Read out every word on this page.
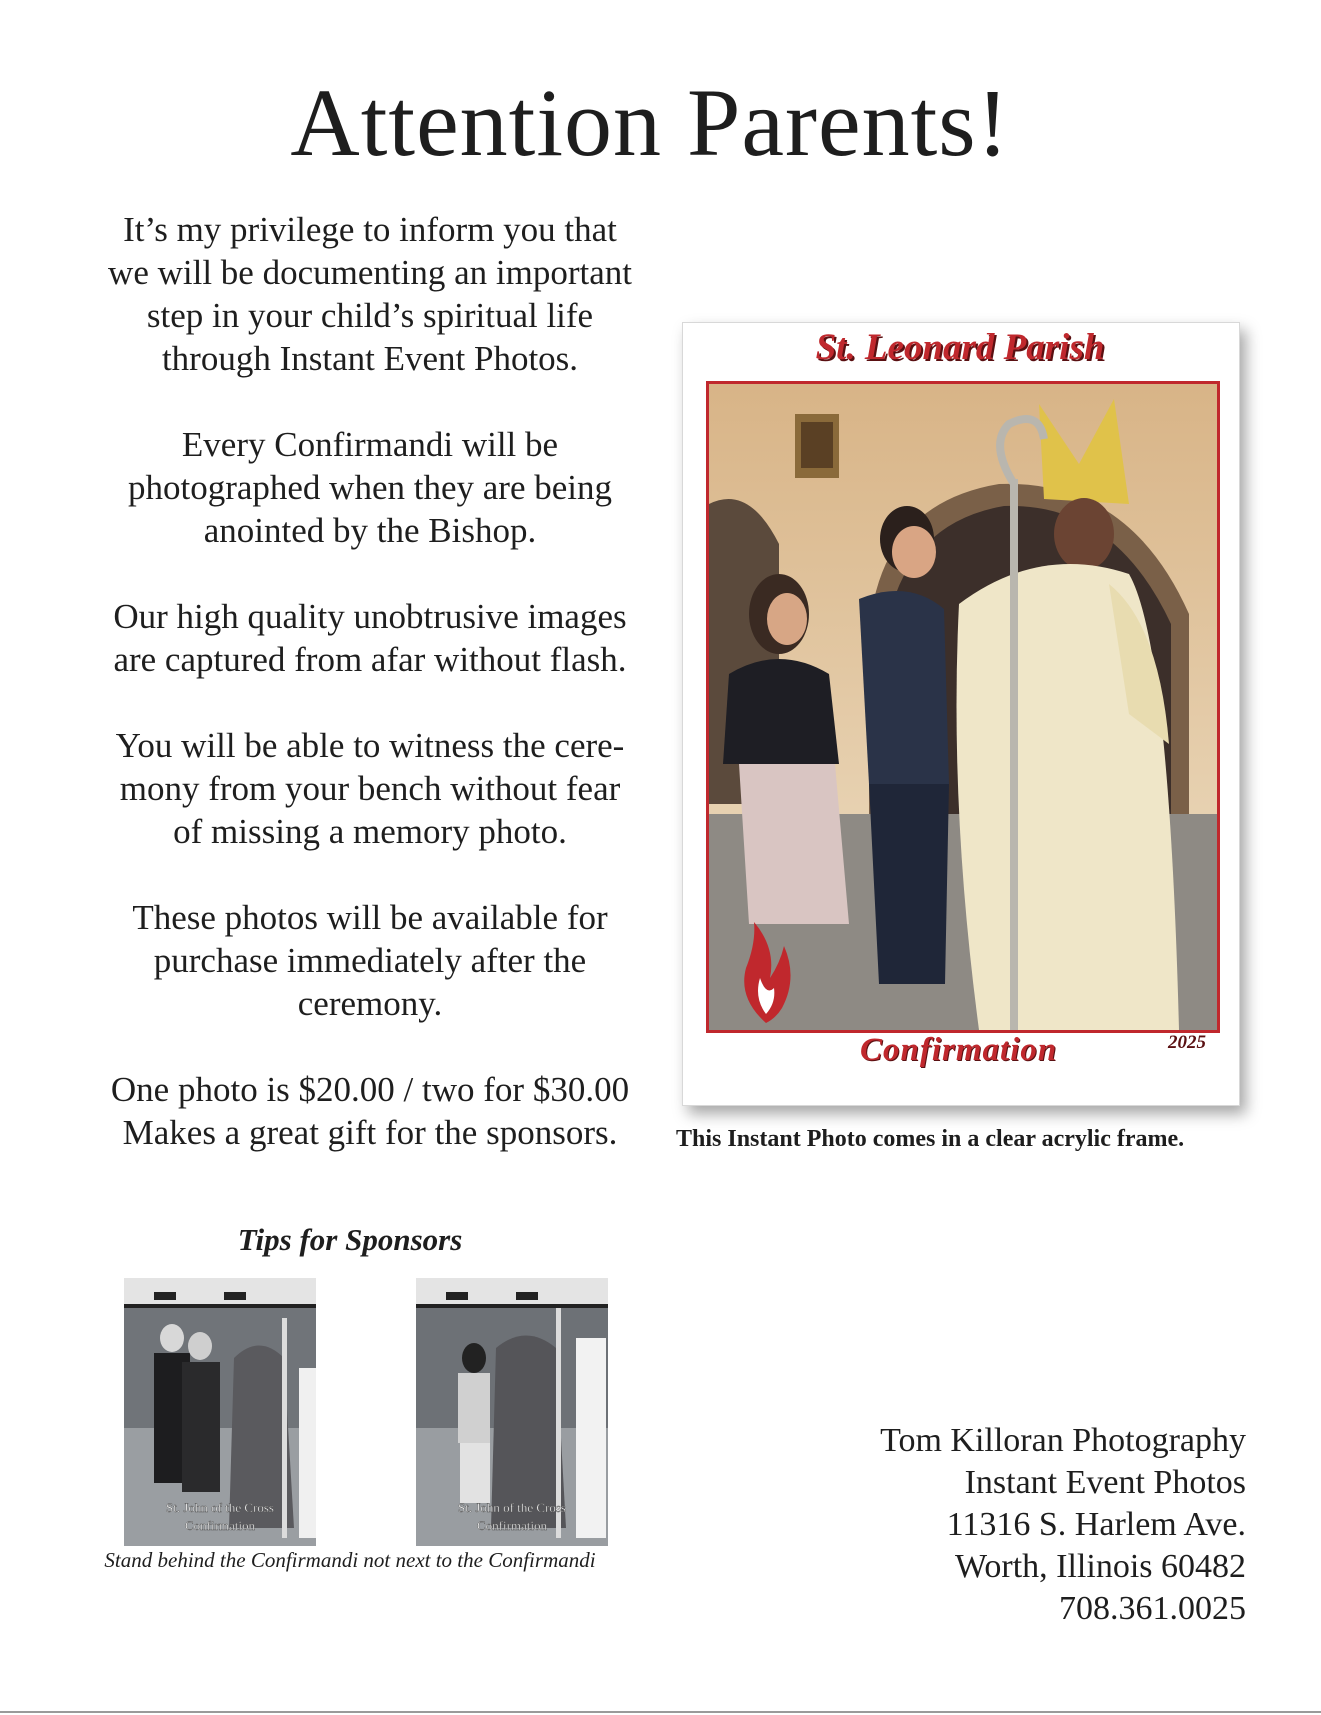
Attention Parents!

It’s my privilege to inform you that
we will be documenting an important
step in your child’s spiritual life
through Instant Event Photos.

Every Confirmandi will be
photographed when they are being
anointed by the Bishop.

Our high quality unobtrusive images
are captured from afar without flash.

You will be able to witness the cere-
mony from your bench without fear
of missing a memory photo.

These photos will be available for
purchase immediately after the
ceremony.

One photo is $20.00 / two for $30.00
Makes a great gift for the sponsors.

St. Leonard Parish
Confirmation	2025
This Instant Photo comes in a clear acrylic frame.
Tips for Sponsors
St. John of the Cross
Confirmation
St. John of the Cross
Confirmation
Stand behind the Confirmandi not next to the Confirmandi
Tom Killoran Photography
Instant Event Photos
11316 S. Harlem Ave.
Worth, Illinois 60482
708.361.0025
